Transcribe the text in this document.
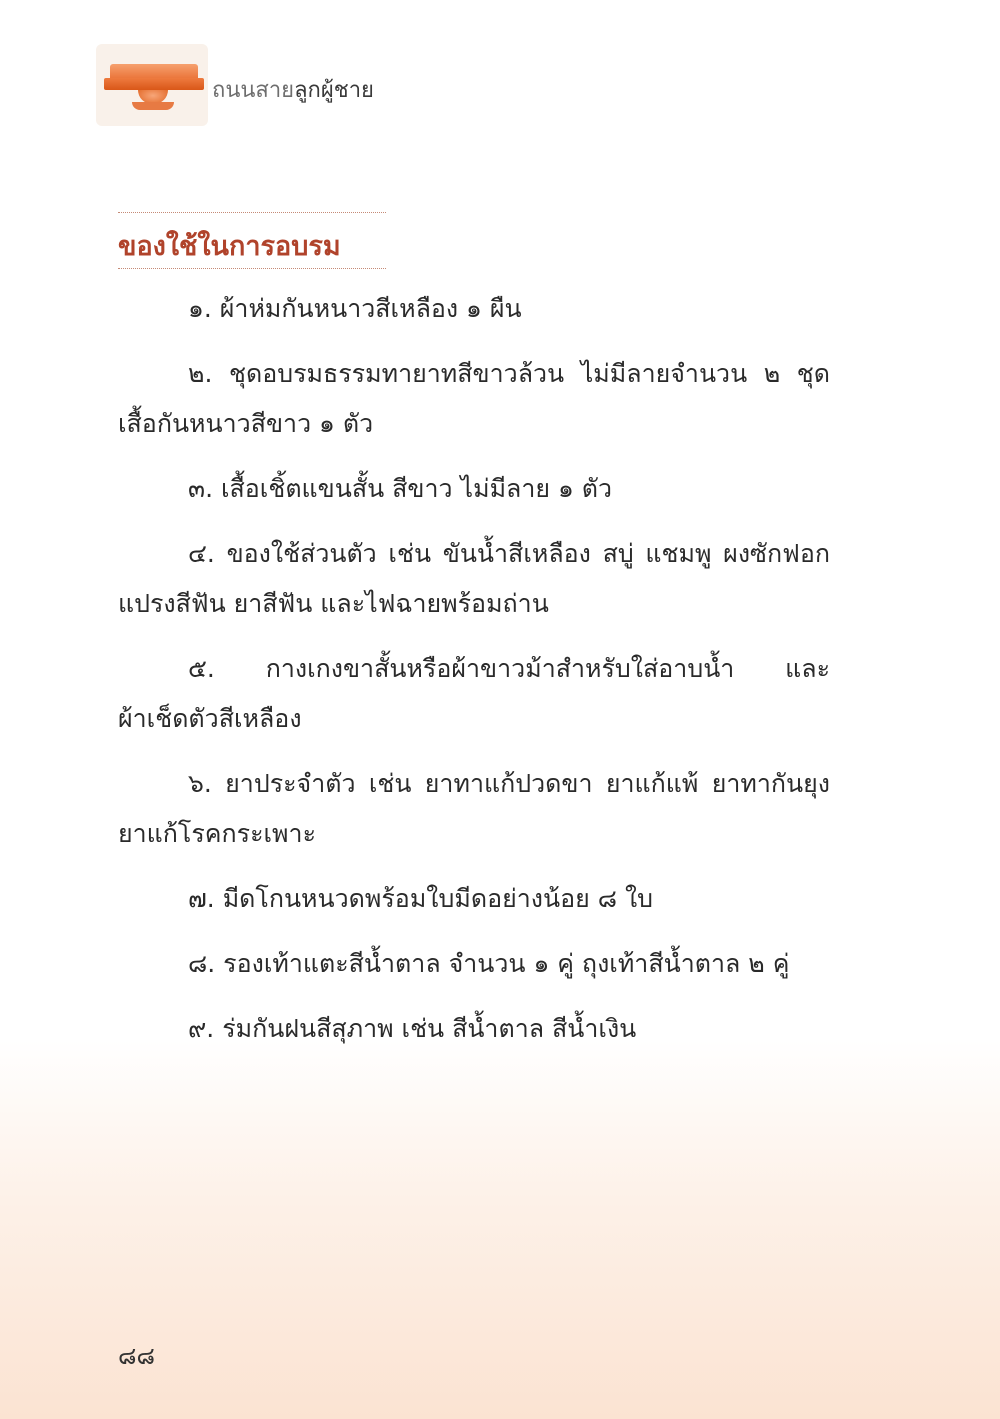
ถนนสายลูกผู้ชาย
ของใช้ในการอบรม

๑. ผ้าห่มกันหนาวสีเหลือง ๑ ผืน

๒. ชุดอบรมธรรมทายาทสีขาวล้วน ไม่มีลายจำนวน ๒ ชุด เสื้อกันหนาวสีขาว ๑ ตัว

๓. เสื้อเชิ้ตแขนสั้น สีขาว ไม่มีลาย ๑ ตัว

๔. ของใช้ส่วนตัว เช่น ขันน้ำสีเหลือง สบู่ แชมพู ผงซักฟอก แปรงสีฟัน ยาสีฟัน และไฟฉายพร้อมถ่าน

๕. กางเกงขาสั้นหรือผ้าขาวม้าสำหรับใส่อาบน้ำ และ ผ้าเช็ดตัวสีเหลือง

๖. ยาประจำตัว เช่น ยาทาแก้ปวดขา ยาแก้แพ้ ยาทากันยุง ยาแก้โรคกระเพาะ

๗. มีดโกนหนวดพร้อมใบมีดอย่างน้อย ๘ ใบ

๘. รองเท้าแตะสีน้ำตาล จำนวน ๑ คู่ ถุงเท้าสีน้ำตาล ๒ คู่

๙. ร่มกันฝนสีสุภาพ เช่น สีน้ำตาล สีน้ำเงิน

๘๘
